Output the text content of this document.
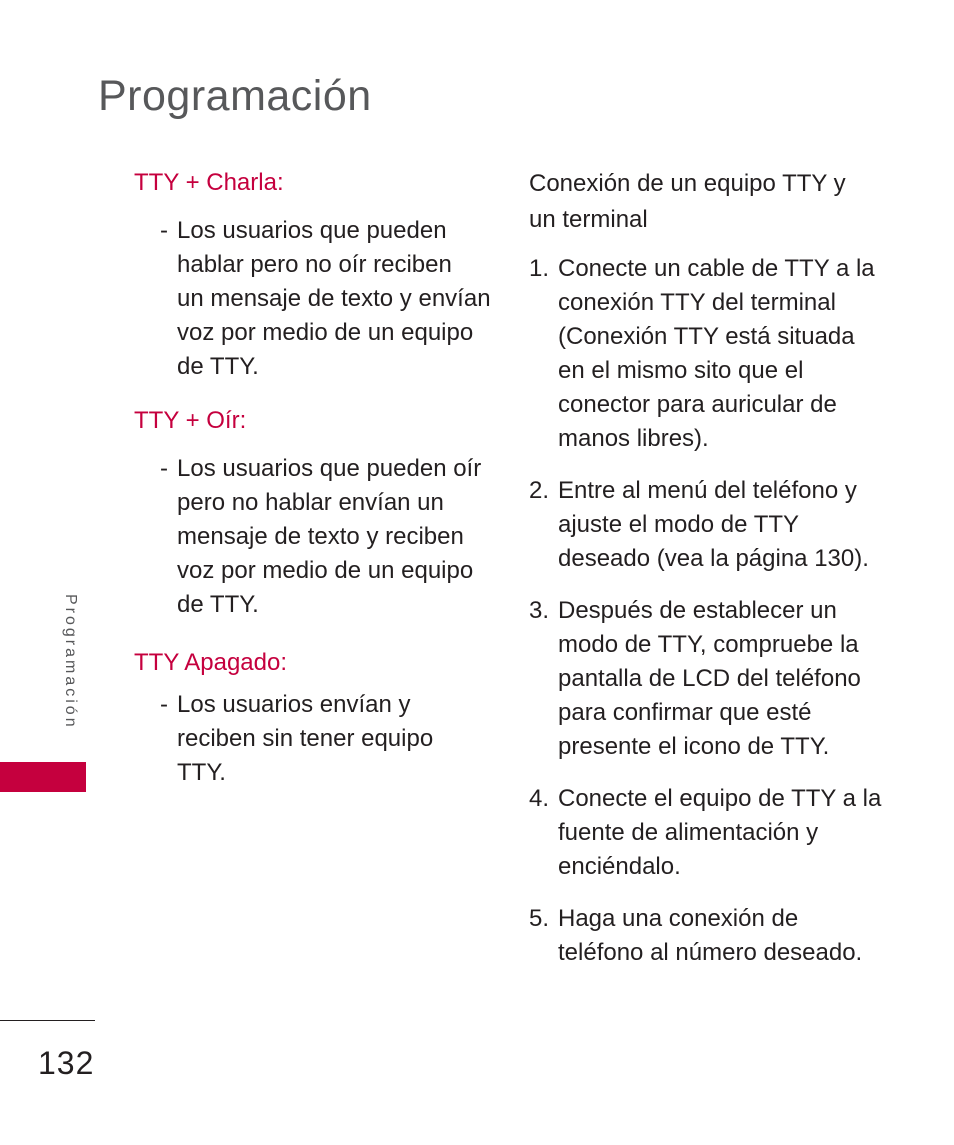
Programación
TTY + Charla:
- Los usuarios que pueden
hablar pero no oír reciben
un mensaje de texto y envían
voz por medio de un equipo
de TTY.
TTY + Oír:
- Los usuarios que pueden oír
pero no hablar envían un
mensaje de texto y reciben
voz por medio de un equipo
de TTY.
TTY Apagado:
- Los usuarios envían y
reciben sin tener equipo
TTY.
Conexión de un equipo TTY y
un terminal
1. Conecte un cable de TTY a la
conexión TTY del terminal
(Conexión TTY está situada
en el mismo sito que el
conector para auricular de
manos libres).
2. Entre al menú del teléfono y
ajuste el modo de TTY
deseado (vea la página 130).
3. Después de establecer un
modo de TTY, compruebe la
pantalla de LCD del teléfono
para confirmar que esté
presente el icono de TTY.
4. Conecte el equipo de TTY a la
fuente de alimentación y
enciéndalo.
5. Haga una conexión de
teléfono al número deseado.
Programación
132
